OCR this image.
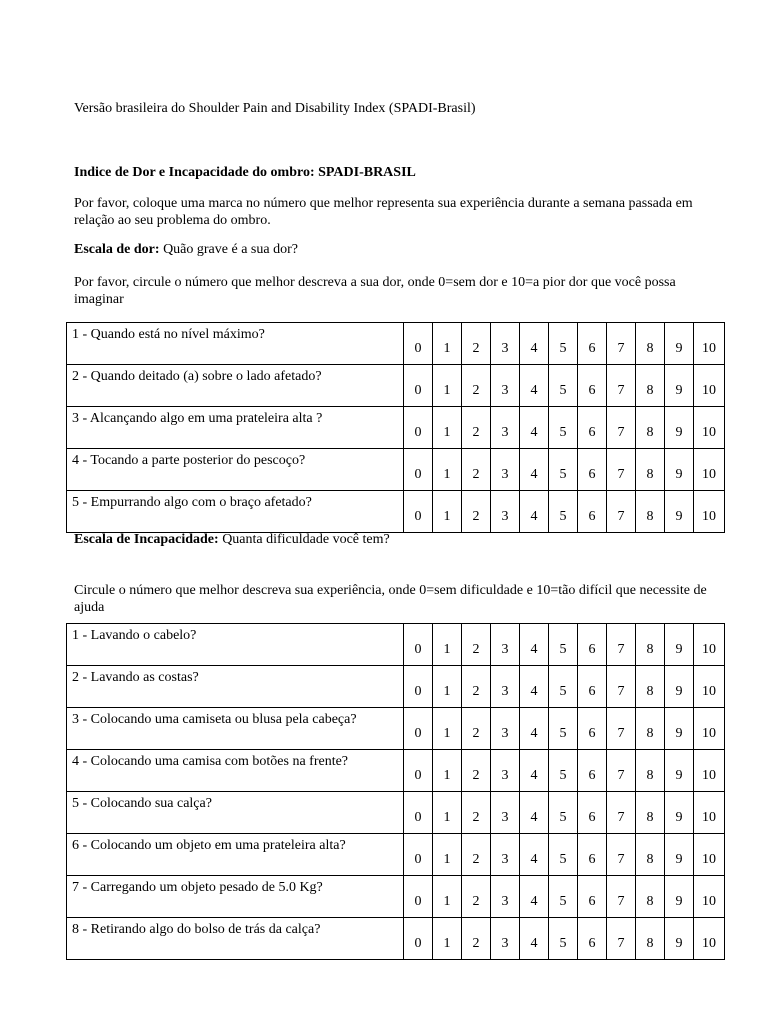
Versão brasileira do Shoulder Pain and Disability Index (SPADI-Brasil)
Indice de Dor e Incapacidade do ombro: SPADI-BRASIL
Por favor, coloque uma marca no número que melhor representa sua experiência durante a semana passada em relação ao seu problema do ombro.
Escala de dor: Quão grave é a sua dor?
Por favor, circule o número que melhor descreva a sua dor, onde 0=sem dor e 10=a pior dor que você possa imaginar
1 - Quando está no nível máximo?	0	1	2	3	4	5	6	7	8	9	10
2 - Quando deitado (a) sobre o lado afetado?	0	1	2	3	4	5	6	7	8	9	10
3 - Alcançando algo em uma prateleira alta ?	0	1	2	3	4	5	6	7	8	9	10
4 - Tocando a parte posterior do pescoço?	0	1	2	3	4	5	6	7	8	9	10
5 - Empurrando algo com o braço afetado?	0	1	2	3	4	5	6	7	8	9	10
Escala de Incapacidade: Quanta dificuldade você tem?
Circule o número que melhor descreva sua experiência, onde 0=sem dificuldade e 10=tão difícil que necessite de ajuda
1 - Lavando o cabelo?	0	1	2	3	4	5	6	7	8	9	10
2 - Lavando as costas?	0	1	2	3	4	5	6	7	8	9	10
3 - Colocando uma camiseta ou blusa pela cabeça?	0	1	2	3	4	5	6	7	8	9	10
4 - Colocando uma camisa com botões na frente?	0	1	2	3	4	5	6	7	8	9	10
5 - Colocando sua calça?	0	1	2	3	4	5	6	7	8	9	10
6 - Colocando um objeto em uma prateleira alta?	0	1	2	3	4	5	6	7	8	9	10
7 - Carregando um objeto pesado de 5.0 Kg?	0	1	2	3	4	5	6	7	8	9	10
8 - Retirando algo do bolso de trás da calça?	0	1	2	3	4	5	6	7	8	9	10
